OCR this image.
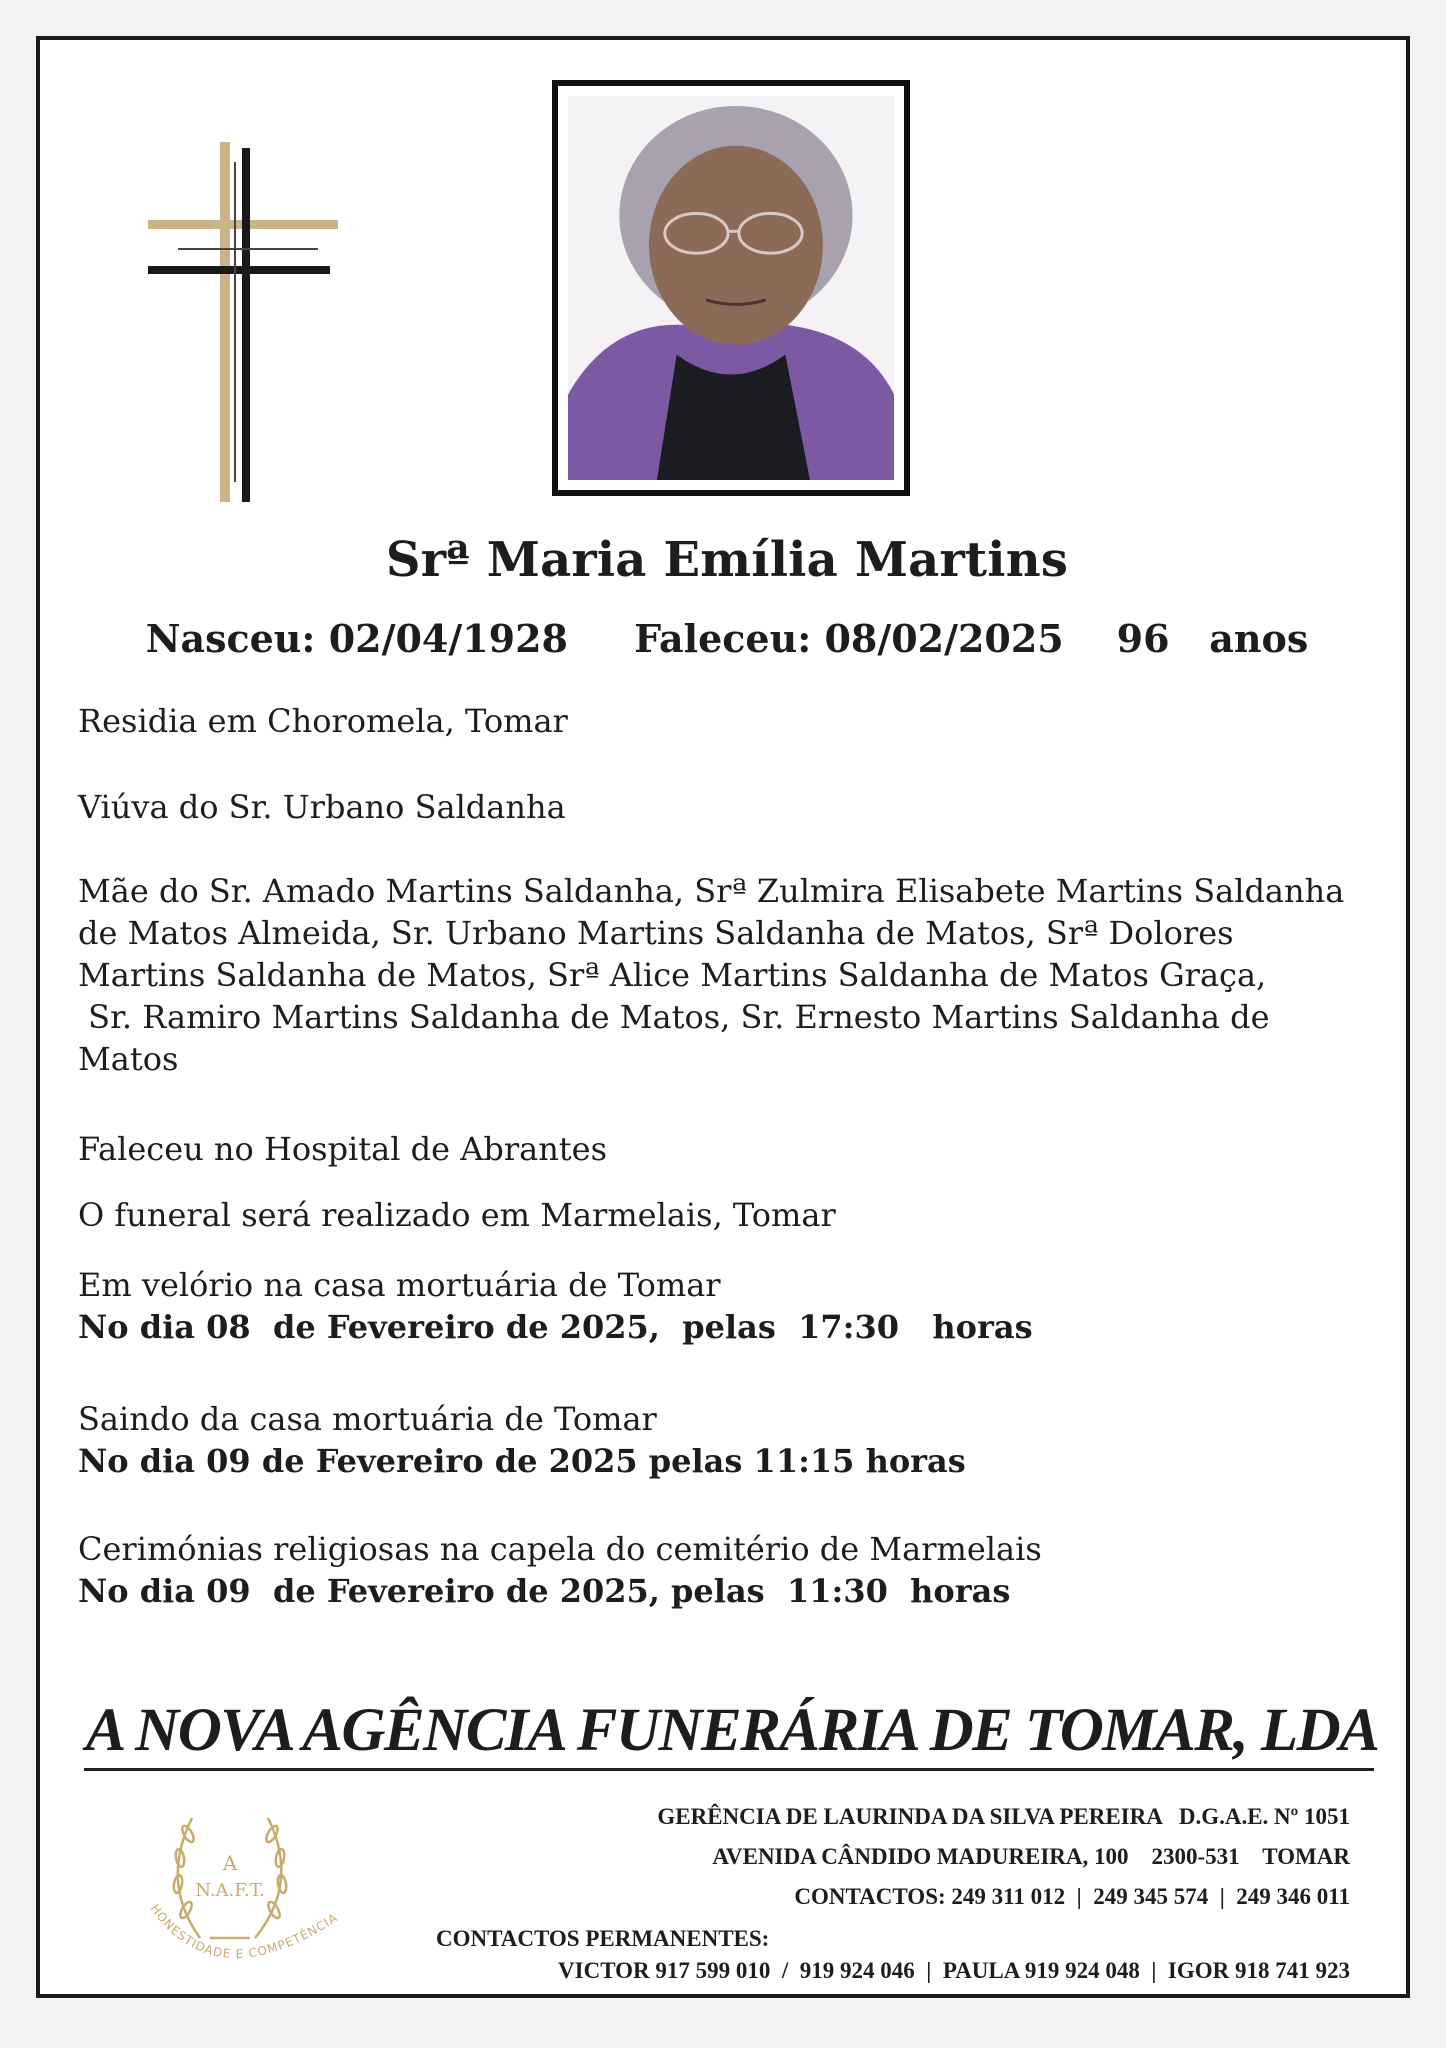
Srª Maria Emília Martins
Nasceu: 02/04/1928 Faleceu: 08/02/2025 96 anos
Residia em Choromela, Tomar
Viúva do Sr. Urbano Saldanha
Mãe do Sr. Amado Martins Saldanha, Srª Zulmira Elisabete Martins Saldanha
de Matos Almeida, Sr. Urbano Martins Saldanha de Matos, Srª Dolores
Martins Saldanha de Matos, Srª Alice Martins Saldanha de Matos Graça,
Sr. Ramiro Martins Saldanha de Matos, Sr. Ernesto Martins Saldanha de
Matos
Faleceu no Hospital de Abrantes
O funeral será realizado em Marmelais, Tomar
Em velório na casa mortuária de Tomar
No dia 08  de Fevereiro de 2025,  pelas  17:30   horas
Saindo da casa mortuária de Tomar
No dia 09 de Fevereiro de 2025 pelas 11:15 horas
Cerimónias religiosas na capela do cemitério de Marmelais
No dia 09  de Fevereiro de 2025, pelas  11:30  horas
A NOVA AGÊNCIA FUNERÁRIA DE TOMAR, LDA
A
N.A.F.T.
HONESTIDADE E COMPETÊNCIA
GERÊNCIA DE LAURINDA DA SILVA PEREIRA   D.G.A.E. Nº 1051
AVENIDA CÂNDIDO MADUREIRA, 100    2300-531    TOMAR
CONTACTOS: 249 311 012  |  249 345 574  |  249 346 011
CONTACTOS PERMANENTES:
VICTOR 917 599 010  /  919 924 046  |  PAULA 919 924 048  |  IGOR 918 741 923
